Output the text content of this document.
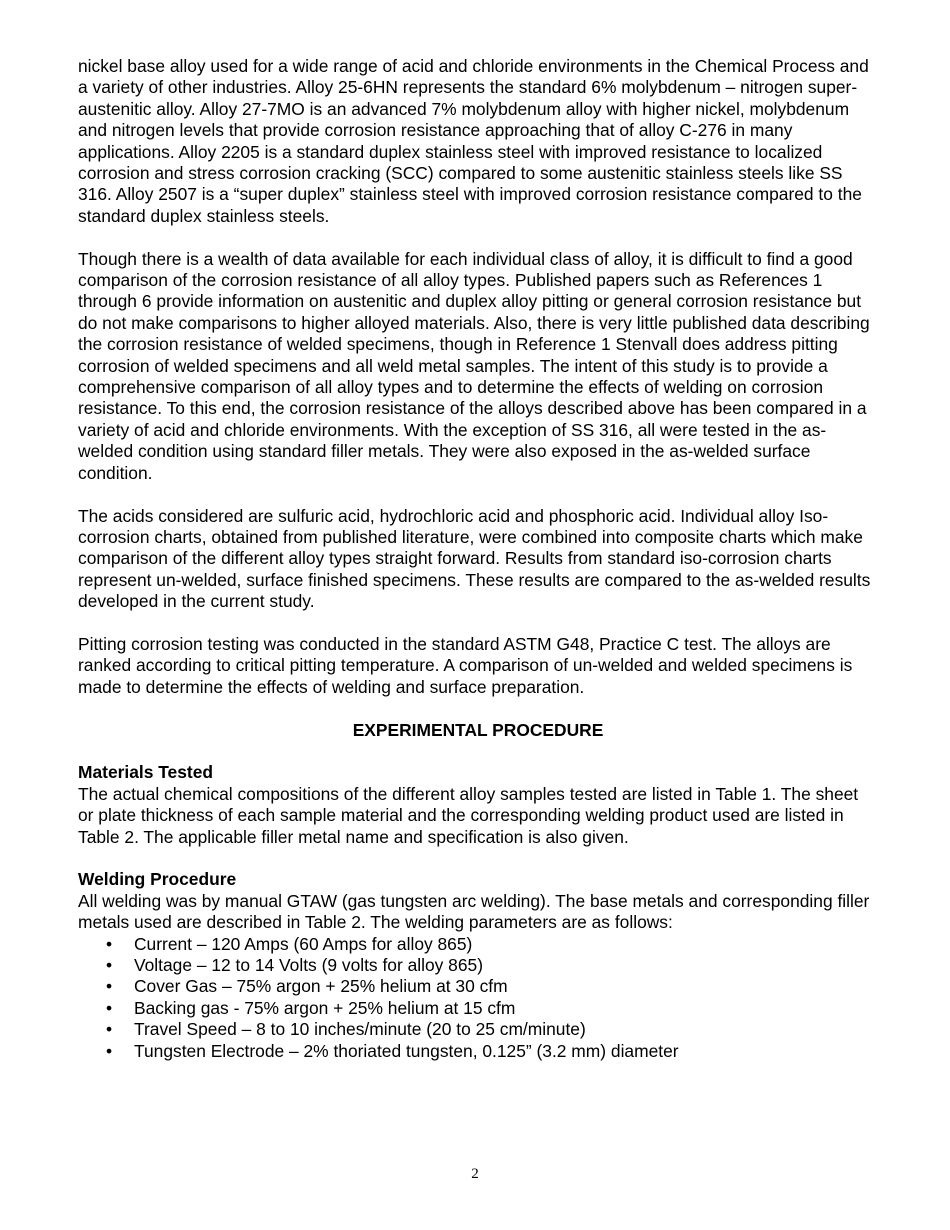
nickel base alloy used for a wide range of acid and chloride environments in the Chemical Process and a variety of other industries. Alloy 25-6HN represents the standard 6% molybdenum – nitrogen super-austenitic alloy. Alloy 27-7MO is an advanced 7% molybdenum alloy with higher nickel, molybdenum and nitrogen levels that provide corrosion resistance approaching that of alloy C-276 in many applications. Alloy 2205 is a standard duplex stainless steel with improved resistance to localized corrosion and stress corrosion cracking (SCC) compared to some austenitic stainless steels like SS 316. Alloy 2507 is a “super duplex” stainless steel with improved corrosion resistance compared to the standard duplex stainless steels.

Though there is a wealth of data available for each individual class of alloy, it is difficult to find a good comparison of the corrosion resistance of all alloy types. Published papers such as References 1 through 6 provide information on austenitic and duplex alloy pitting or general corrosion resistance but do not make comparisons to higher alloyed materials. Also, there is very little published data describing the corrosion resistance of welded specimens, though in Reference 1 Stenvall does address pitting corrosion of welded specimens and all weld metal samples. The intent of this study is to provide a comprehensive comparison of all alloy types and to determine the effects of welding on corrosion resistance. To this end, the corrosion resistance of the alloys described above has been compared in a variety of acid and chloride environments. With the exception of SS 316, all were tested in the as-welded condition using standard filler metals. They were also exposed in the as-welded surface condition.

The acids considered are sulfuric acid, hydrochloric acid and phosphoric acid. Individual alloy Iso-corrosion charts, obtained from published literature, were combined into composite charts which make comparison of the different alloy types straight forward. Results from standard iso-corrosion charts represent un-welded, surface finished specimens. These results are compared to the as-welded results developed in the current study.

Pitting corrosion testing was conducted in the standard ASTM G48, Practice C test. The alloys are ranked according to critical pitting temperature. A comparison of un-welded and welded specimens is made to determine the effects of welding and surface preparation.

EXPERIMENTAL PROCEDURE
Materials Tested

The actual chemical compositions of the different alloy samples tested are listed in Table 1. The sheet or plate thickness of each sample material and the corresponding welding product used are listed in Table 2. The applicable filler metal name and specification is also given.

Welding Procedure

All welding was by manual GTAW (gas tungsten arc welding). The base metals and corresponding filler metals used are described in Table 2. The welding parameters are as follows:

• Current – 120 Amps (60 Amps for alloy 865)
• Voltage – 12 to 14 Volts (9 volts for alloy 865)
• Cover Gas – 75% argon + 25% helium at 30 cfm
• Backing gas - 75% argon + 25% helium at 15 cfm
• Travel Speed – 8 to 10 inches/minute (20 to 25 cm/minute)
• Tungsten Electrode – 2% thoriated tungsten, 0.125” (3.2 mm) diameter
2
